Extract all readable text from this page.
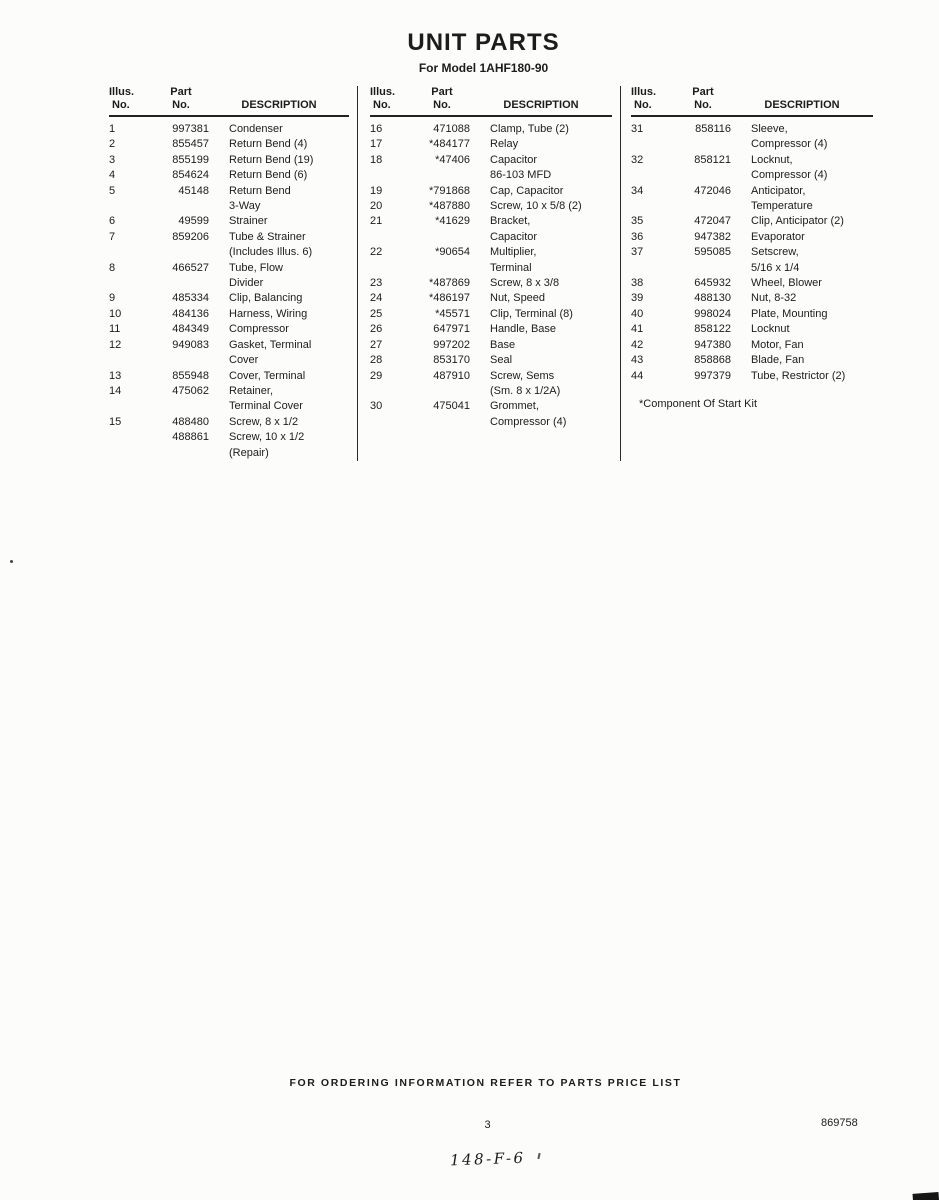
UNIT PARTS
For Model 1AHF180-90
Illus.
No.
Part
No.	DESCRIPTION
1	997381 Condenser
2	855457 Return Bend (4)
3	855199 Return Bend (19)
4	854624 Return Bend (6)
5	45148 Return Bend
3-Way
6	49599 Strainer
7	859206 Tube & Strainer
(Includes Illus. 6)
8	466527 Tube, Flow
Divider
9	485334 Clip, Balancing
10	484136 Harness, Wiring
11	484349 Compressor
12	949083 Gasket, Terminal
Cover
13	855948 Cover, Terminal
14	475062 Retainer,
Terminal Cover
15	488480 Screw, 8 x 1/2
488861 Screw, 10 x 1/2
(Repair)
Illus.
No.
Part
No.	DESCRIPTION
16	471088 Clamp, Tube (2)
17	*484177 Relay
18	*47406 Capacitor
86-103 MFD
19	*791868 Cap, Capacitor
20	*487880 Screw, 10 x 5/8 (2)
21	*41629 Bracket,
Capacitor
22	*90654 Multiplier,
Terminal
23	*487869 Screw, 8 x 3/8
24	*486197 Nut, Speed
25	*45571 Clip, Terminal (8)
26	647971 Handle, Base
27	997202 Base
28	853170 Seal
29	487910 Screw, Sems
(Sm. 8 x 1/2A)
30	475041 Grommet,
Compressor (4)
Illus.
No.
Part
No.	DESCRIPTION
31	858116 Sleeve,
Compressor (4)
32	858121 Locknut,
Compressor (4)
34	472046 Anticipator,
Temperature
35	472047 Clip, Anticipator (2)
36	947382 Evaporator
37	595085 Setscrew,
5/16 x 1/4
38	645932 Wheel, Blower
39	488130 Nut, 8-32
40	998024 Plate, Mounting
41	858122 Locknut
42	947380 Motor, Fan
43	858868 Blade, Fan
44	997379 Tube, Restrictor (2)
*Component Of Start Kit
FOR ORDERING INFORMATION REFER TO PARTS PRICE LIST
3	869758
148-F-6
